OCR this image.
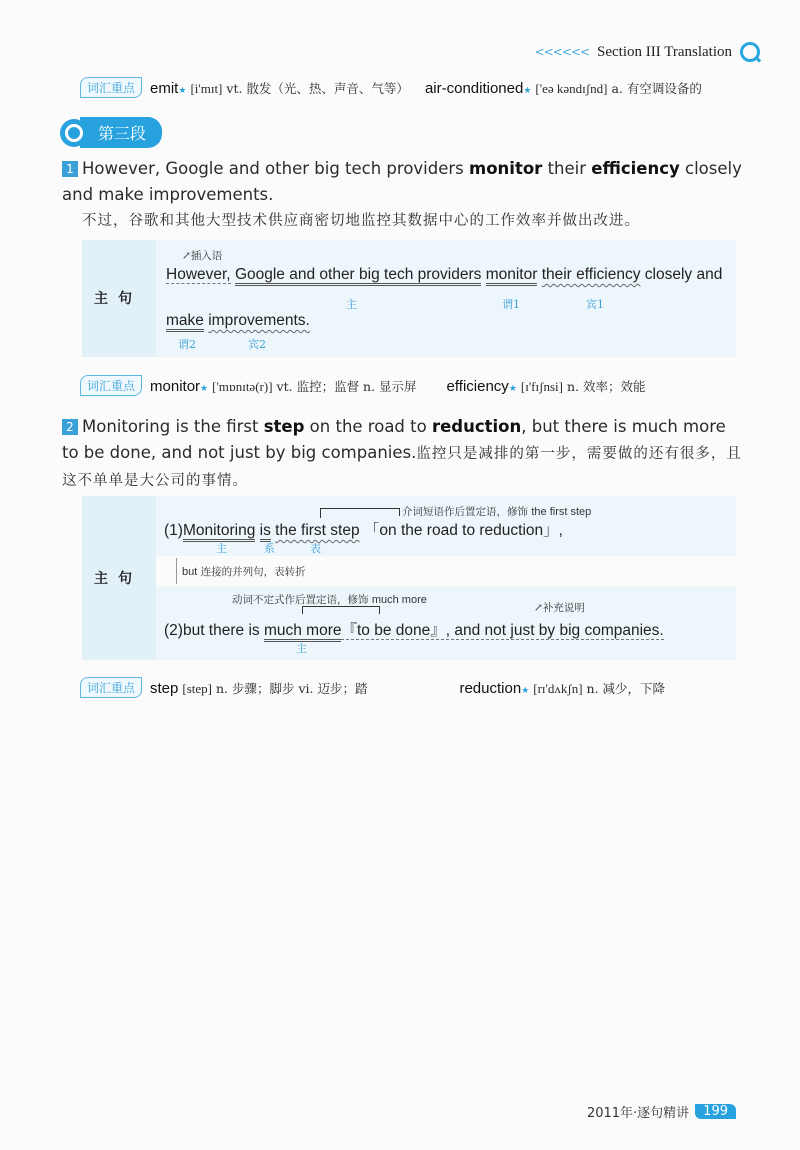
<<<<<< Section III Translation
词汇重点	emit ★ [i'mɪt] vt. 散发（光、热、声音、气等） air-conditioned ★ ['eə kəndɪʃnd] a. 有空调设备的
第三段
1 However, Google and other big tech providers monitor their efficiency closely and make improvements.
不过，谷歌和其他大型技术供应商密切地监控其数据中心的工作效率并做出改进。
主句
↗插入语
However, Google and other big tech providers monitor their efficiency closely and
主	谓1	宾1
make improvements.
谓2	宾2
词汇重点	monitor ★ ['mɒnɪtə(r)] vt. 监控；监督 n. 显示屏 efficiency ★ [ɪ'fɪʃnsi] n. 效率；效能
2 Monitoring is the first step on the road to reduction, but there is much more to be done, and not just by big companies.监控只是减排的第一步，需要做的还有很多，且这不单单是大公司的事情。
主句
介词短语作后置定语，修饰 the first step
(1)Monitoring is the first step 「on the road to reduction」,
主	系	表
but 连接的并列句，表转折
动词不定式作后置定语，修饰 much more
↗补充说明
(2)but there is much more『to be done』, and not just by big companies.
主
词汇重点	step [step] n. 步骤；脚步 vi. 迈步；踏	reduction ★ [rɪ'dʌkʃn] n. 减少，下降
2011年·逐句精讲	199
